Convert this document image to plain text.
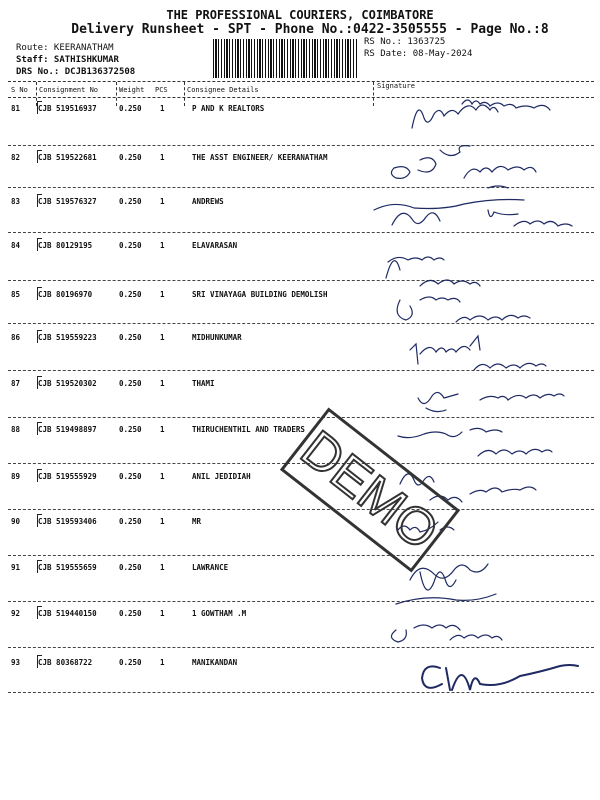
THE PROFESSIONAL COURIERS, COIMBATORE
Delivery Runsheet - SPT - Phone No.:0422-3505555 - Page No.:8
Route: KEERANATHAM
Staff: SATHISHKUMAR
DRS No.: DCJB136372508
RS No.: 1363725
RS Date: 08-May-2024
S No Consignment No	Weight PCS	Consignee Details	Signature
81 CJB 519516937	0.250 1	P AND K REALTORS
82 CJB 519522681	0.250 1	THE ASST ENGINEER/ KEERANATHAM
83 CJB 519576327	0.250 1	ANDREWS
84 CJB 80129195	0.250 1	ELAVARASAN
85 CJB 80196970	0.250 1	SRI VINAYAGA BUILDING DEMOLISH
86 CJB 519559223	0.250 1	MIDHUNKUMAR
87 CJB 519520302	0.250 1	THAMI
88 CJB 519498897	0.250 1	THIRUCHENTHIL AND TRADERS
89 CJB 519555929	0.250 1	ANIL JEDIDIAH
90 CJB 519593406	0.250 1	MR
91 CJB 519555659	0.250 1	LAWRANCE
92 CJB 519440150	0.250 1	1 GOWTHAM .M
93 CJB 80368722	0.250 1	MANIKANDAN
DEMO
